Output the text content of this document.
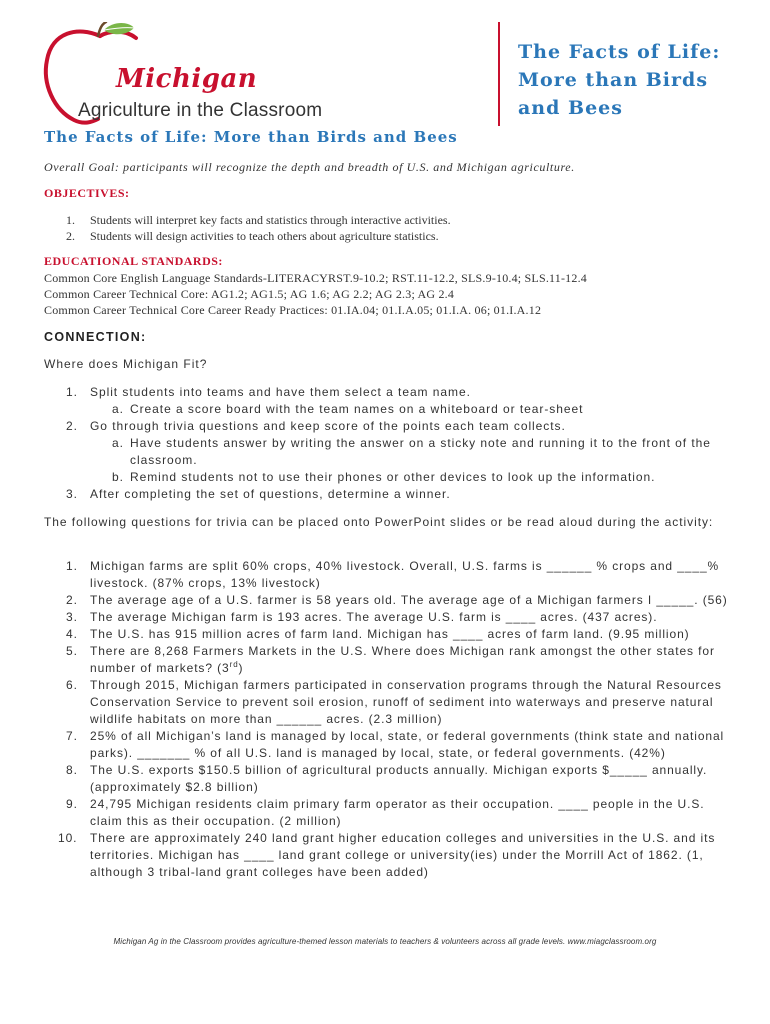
Michigan
Agriculture in the Classroom
The Facts of Life:
More than Birds
and Bees
The Facts of Life: More than Birds and Bees
Overall Goal: participants will recognize the depth and breadth of U.S. and Michigan agriculture.
OBJECTIVES:
1. Students will interpret key facts and statistics through interactive activities.
2. Students will design activities to teach others about agriculture statistics.
EDUCATIONAL STANDARDS:
Common Core English Language Standards-LITERACYRST.9-10.2; RST.11-12.2, SLS.9-10.4; SLS.11-12.4
Common Career Technical Core: AG1.2; AG1.5; AG 1.6; AG 2.2; AG 2.3; AG 2.4
Common Career Technical Core Career Ready Practices: 01.IA.04; 01.I.A.05; 01.I.A. 06; 01.I.A.12
CONNECTION:
Where does Michigan Fit?
1. Split students into teams and have them select a team name.
a. Create a score board with the team names on a whiteboard or tear-sheet
2. Go through trivia questions and keep score of the points each team collects.
a. Have students answer by writing the answer on a sticky note and running it to the front of the classroom.
b. Remind students not to use their phones or other devices to look up the information.
3. After completing the set of questions, determine a winner.
The following questions for trivia can be placed onto PowerPoint slides or be read aloud during the activity:
1. Michigan farms are split 60% crops, 40% livestock. Overall, U.S. farms is ______ % crops and ____% livestock. (87% crops, 13% livestock)
2. The average age of a U.S. farmer is 58 years old. The average age of a Michigan farmers I _____. (56)
3. The average Michigan farm is 193 acres. The average U.S. farm is ____ acres. (437 acres).
4. The U.S. has 915 million acres of farm land. Michigan has ____ acres of farm land. (9.95 million)
5. There are 8,268 Farmers Markets in the U.S. Where does Michigan rank amongst the other states for number of markets? (3rd)
6. Through 2015, Michigan farmers participated in conservation programs through the Natural Resources Conservation Service to prevent soil erosion, runoff of sediment into waterways and preserve natural wildlife habitats on more than ______ acres. (2.3 million)
7. 25% of all Michigan’s land is managed by local, state, or federal governments (think state and national parks). _______ % of all U.S. land is managed by local, state, or federal governments. (42%)
8. The U.S. exports $150.5 billion of agricultural products annually. Michigan exports $_____ annually. (approximately $2.8 billion)
9. 24,795 Michigan residents claim primary farm operator as their occupation. ____ people in the U.S. claim this as their occupation. (2 million)
10. There are approximately 240 land grant higher education colleges and universities in the U.S. and its territories. Michigan has ____ land grant college or university(ies) under the Morrill Act of 1862. (1, although 3 tribal-land grant colleges have been added)
Michigan Ag in the Classroom provides agriculture-themed lesson materials to teachers & volunteers across all grade levels. www.miagclassroom.org
